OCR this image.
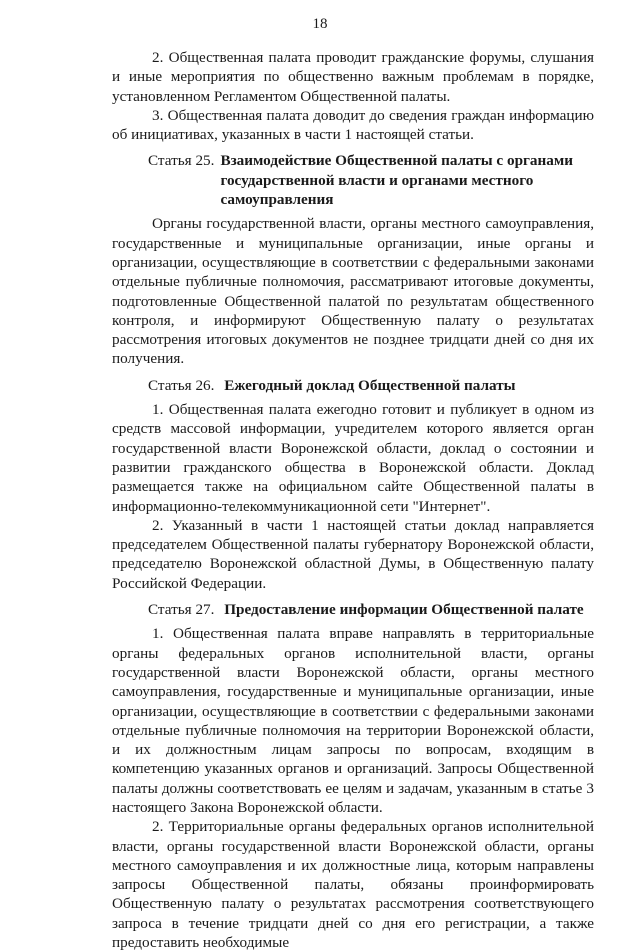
18

2. Общественная палата проводит гражданские форумы, слушания и иные мероприятия по общественно важным проблемам в порядке, установленном Регламентом Общественной палаты.

3. Общественная палата доводит до сведения граждан информацию об инициативах, указанных в части 1 настоящей статьи.

Статья 25. Взаимодействие Общественной палаты с органами государственной власти и органами местного самоуправления

Органы государственной власти, органы местного самоуправления, государственные и муниципальные организации, иные органы и организации, осуществляющие в соответствии с федеральными законами отдельные публичные полномочия, рассматривают итоговые документы, подготовленные Общественной палатой по результатам общественного контроля, и информируют Общественную палату о результатах рассмотрения итоговых документов не позднее тридцати дней со дня их получения.

Статья 26. Ежегодный доклад Общественной палаты

1. Общественная палата ежегодно готовит и публикует в одном из средств массовой информации, учредителем которого является орган государственной власти Воронежской области, доклад о состоянии и развитии гражданского общества в Воронежской области. Доклад размещается также на официальном сайте Общественной палаты в информационно-телекоммуникационной сети "Интернет".

2. Указанный в части 1 настоящей статьи доклад направляется председателем Общественной палаты губернатору Воронежской области, председателю Воронежской областной Думы, в Общественную палату Российской Федерации.

Статья 27. Предоставление информации Общественной палате

1. Общественная палата вправе направлять в территориальные органы федеральных органов исполнительной власти, органы государственной власти Воронежской области, органы местного самоуправления, государственные и муниципальные организации, иные организации, осуществляющие в соответствии с федеральными законами отдельные публичные полномочия на территории Воронежской области, и их должностным лицам запросы по вопросам, входящим в компетенцию указанных органов и организаций. Запросы Общественной палаты должны соответствовать ее целям и задачам, указанным в статье 3 настоящего Закона Воронежской области.

2. Территориальные органы федеральных органов исполнительной власти, органы государственной власти Воронежской области, органы местного самоуправления и их должностные лица, которым направлены запросы Общественной палаты, обязаны проинформировать Общественную палату о результатах рассмотрения соответствующего запроса в течение тридцати дней со дня его регистрации, а также предоставить необходимые
